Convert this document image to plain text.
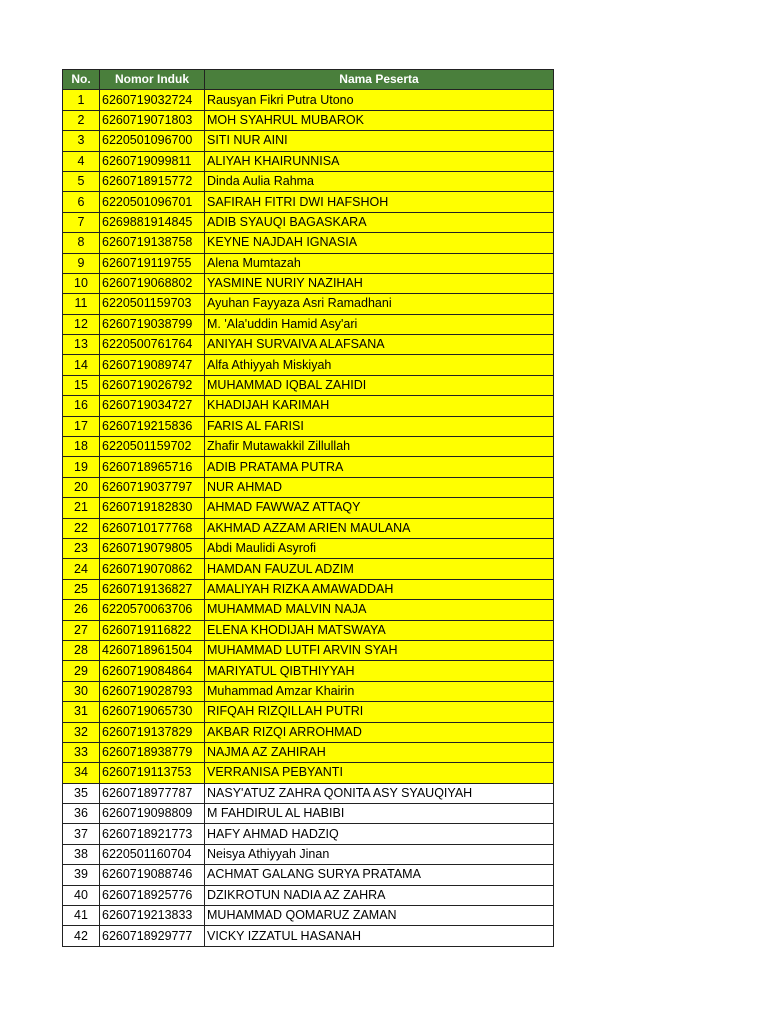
No.	Nomor Induk	Nama Peserta
1	6260719032724	Rausyan Fikri Putra Utono
2	6260719071803	MOH SYAHRUL MUBAROK
3	6220501096700	SITI NUR AINI
4	6260719099811	ALIYAH KHAIRUNNISA
5	6260718915772	Dinda Aulia Rahma
6	6220501096701	SAFIRAH FITRI DWI HAFSHOH
7	6269881914845	ADIB SYAUQI BAGASKARA
8	6260719138758	KEYNE NAJDAH IGNASIA
9	6260719119755	Alena Mumtazah
10	6260719068802	YASMINE NURIY NAZIHAH
11	6220501159703	Ayuhan Fayyaza Asri Ramadhani
12	6260719038799	M. 'Ala'uddin Hamid Asy'ari
13	6220500761764	ANIYAH SURVAIVA ALAFSANA
14	6260719089747	Alfa Athiyyah Miskiyah
15	6260719026792	MUHAMMAD IQBAL ZAHIDI
16	6260719034727	KHADIJAH KARIMAH
17	6260719215836	FARIS AL FARISI
18	6220501159702	Zhafir Mutawakkil Zillullah
19	6260718965716	ADIB PRATAMA PUTRA
20	6260719037797	NUR AHMAD
21	6260719182830	AHMAD FAWWAZ ATTAQY
22	6260710177768	AKHMAD AZZAM ARIEN MAULANA
23	6260719079805	Abdi Maulidi Asyrofi
24	6260719070862	HAMDAN FAUZUL ADZIM
25	6260719136827	AMALIYAH RIZKA AMAWADDAH
26	6220570063706	MUHAMMAD MALVIN NAJA
27	6260719116822	ELENA KHODIJAH MATSWAYA
28	4260718961504	MUHAMMAD LUTFI ARVIN SYAH
29	6260719084864	MARIYATUL QIBTHIYYAH
30	6260719028793	Muhammad Amzar Khairin
31	6260719065730	RIFQAH RIZQILLAH PUTRI
32	6260719137829	AKBAR RIZQI ARROHMAD
33	6260718938779	NAJMA AZ ZAHIRAH
34	6260719113753	VERRANISA PEBYANTI
35	6260718977787	NASY'ATUZ ZAHRA QONITA ASY SYAUQIYAH
36	6260719098809	M FAHDIRUL AL HABIBI
37	6260718921773	HAFY AHMAD HADZIQ
38	6220501160704	Neisya Athiyyah Jinan
39	6260719088746	ACHMAT GALANG SURYA PRATAMA
40	6260718925776	DZIKROTUN NADIA AZ ZAHRA
41	6260719213833	MUHAMMAD QOMARUZ ZAMAN
42	6260718929777	VICKY IZZATUL HASANAH
